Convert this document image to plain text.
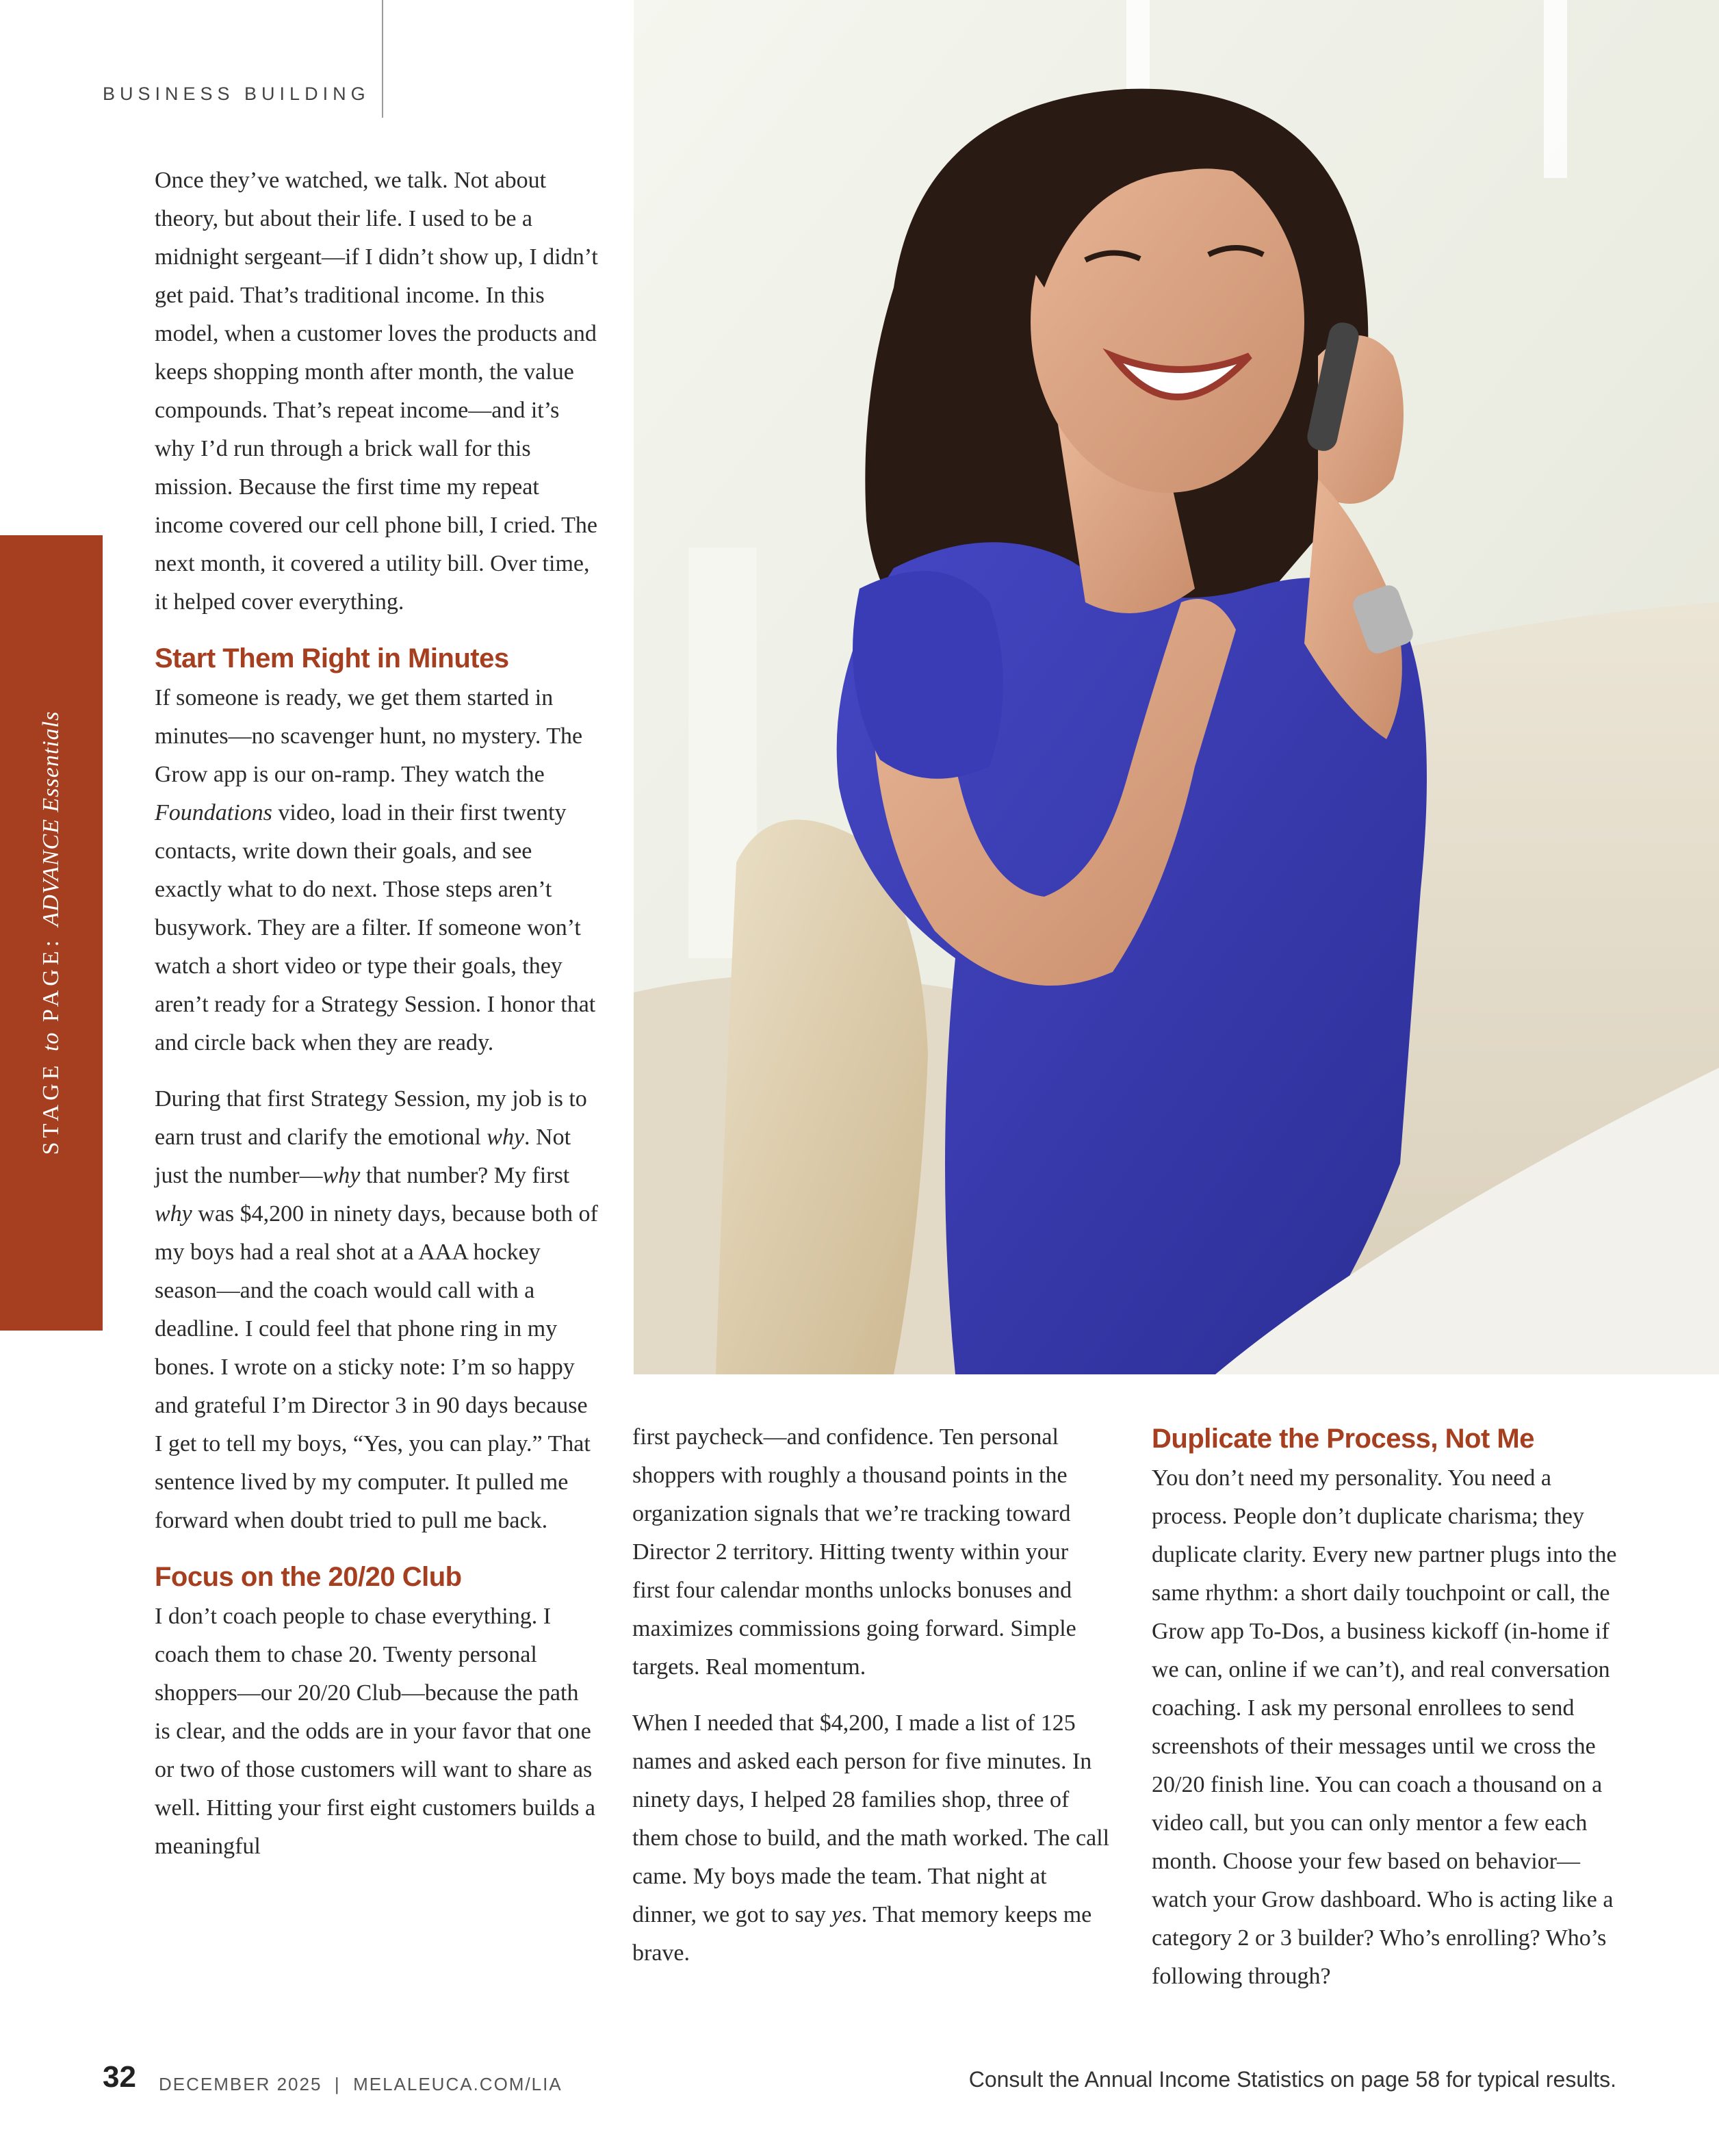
BUSINESS BUILDING
STAGE to PAGE: ADVANCE Essentials

Once they’ve watched, we talk. Not about theory, but about their life. I used to be a midnight sergeant—if I didn’t show up, I didn’t get paid. That’s traditional income. In this model, when a customer loves the products and keeps shopping month after month, the value compounds. That’s repeat income—and it’s why I’d run through a brick wall for this mission. Because the first time my repeat income covered our cell phone bill, I cried. The next month, it covered a utility bill. Over time, it helped cover everything.

Start Them Right in Minutes

If someone is ready, we get them started in minutes—no scavenger hunt, no mystery. The Grow app is our on-ramp. They watch the Foundations video, load in their first twenty contacts, write down their goals, and see exactly what to do next. Those steps aren’t busywork. They are a filter. If someone won’t watch a short video or type their goals, they aren’t ready for a Strategy Session. I honor that and circle back when they are ready.

During that first Strategy Session, my job is to earn trust and clarify the emotional why. Not just the number—why that number? My first why was $4,200 in ninety days, because both of my boys had a real shot at a AAA hockey season—and the coach would call with a deadline. I could feel that phone ring in my bones. I wrote on a sticky note: I’m so happy and grateful I’m Director 3 in 90 days because I get to tell my boys, “Yes, you can play.” That sentence lived by my computer. It pulled me forward when doubt tried to pull me back.

Focus on the 20/20 Club

I don’t coach people to chase everything. I coach them to chase 20. Twenty personal shoppers—our 20/20 Club—because the path is clear, and the odds are in your favor that one or two of those customers will want to share as well. Hitting your first eight customers builds a meaningful

first paycheck—and confidence. Ten personal shoppers with roughly a thousand points in the organization signals that we’re tracking toward Director 2 territory. Hitting twenty within your first four calendar months unlocks bonuses and maximizes commissions going forward. Simple targets. Real momentum.

When I needed that $4,200, I made a list of 125 names and asked each person for five minutes. In ninety days, I helped 28 families shop, three of them chose to build, and the math worked. The call came. My boys made the team. That night at dinner, we got to say yes. That memory keeps me brave.

Duplicate the Process, Not Me

You don’t need my personality. You need a process. People don’t duplicate charisma; they duplicate clarity. Every new partner plugs into the same rhythm: a short daily touchpoint or call, the Grow app To-Dos, a business kickoff (in-home if we can, online if we can’t), and real conversation coaching. I ask my personal enrollees to send screenshots of their messages until we cross the 20/20 finish line. You can coach a thousand on a video call, but you can only mentor a few each month. Choose your few based on behavior—watch your Grow dashboard. Who is acting like a category 2 or 3 builder? Who’s enrolling? Who’s following through?

32 DECEMBER 2025  |  MELALEUCA.COM/LIA	Consult the Annual Income Statistics on page 58 for typical results.
